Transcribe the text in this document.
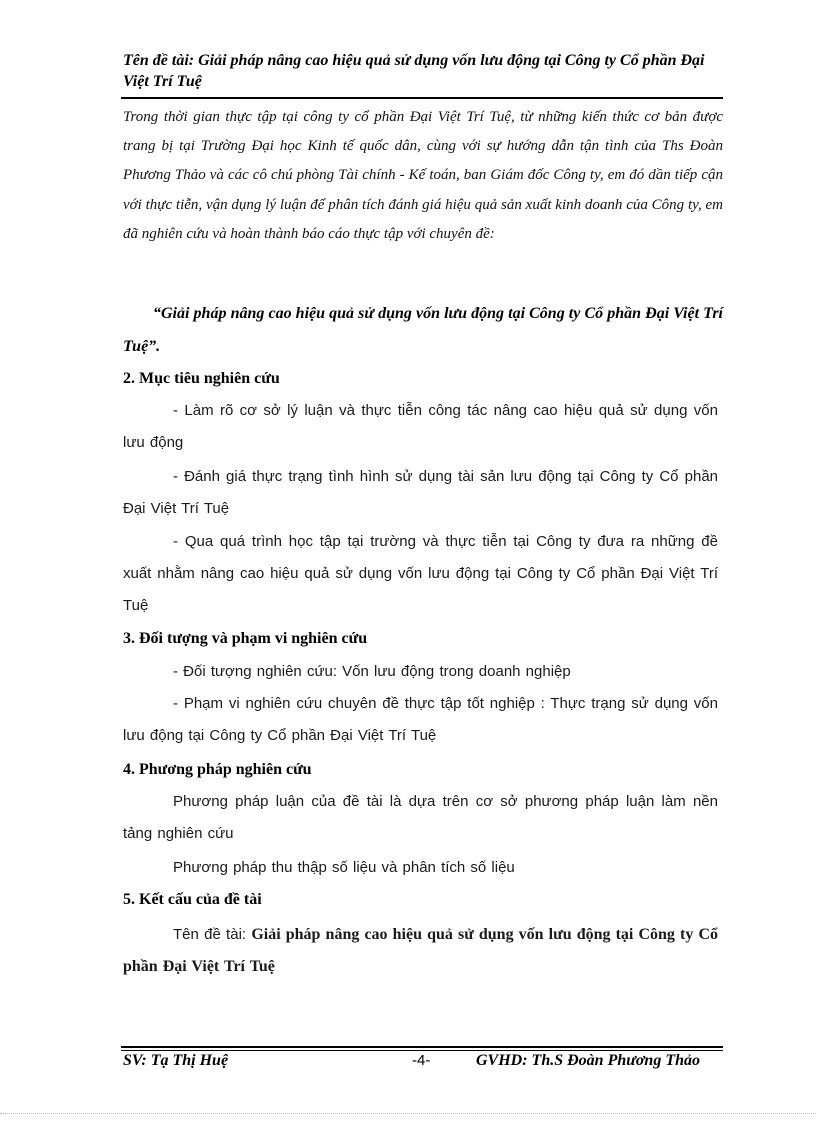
Tên đề tài: Giải pháp nâng cao hiệu quả sử dụng vốn lưu động tại Công ty Cổ phần Đại Việt Trí Tuệ
Trong thời gian thực tập tại công ty cổ phần Đại Việt Trí Tuệ, từ những kiến thức cơ bản được trang bị tại Trường Đại học Kinh tế quốc dân, cùng với sự hướng dẫn tận tình của Ths Đoàn Phương Thảo và các cô chú phòng Tài chính - Kế toán, ban Giám đốc Công ty, em đó dần tiếp cận với thực tiễn, vận dụng lý luận để phân tích đánh giá hiệu quả sản xuất kinh doanh của Công ty, em đã nghiên cứu và hoàn thành báo cáo thực tập với chuyên đề:
“Giải pháp nâng cao hiệu quả sử dụng vốn lưu động tại Công ty Cổ phần Đại Việt Trí Tuệ”.
2. Mục tiêu nghiên cứu
- Làm rõ cơ sở lý luận và thực tiễn công tác nâng cao hiệu quả sử dụng vốn lưu động
- Đánh giá thực trạng tình hình sử dụng tài sản lưu động tại Công ty Cổ phần Đại Việt Trí Tuệ
- Qua quá trình học tập tại trường và thực tiễn tại Công ty đưa ra những đề xuất nhằm nâng cao hiệu quả sử dụng vốn lưu động tại Công ty Cổ phần Đại Việt Trí Tuệ
3. Đối tượng và phạm vi nghiên cứu
- Đối tượng nghiên cứu: Vốn lưu động trong doanh nghiệp
- Phạm vi nghiên cứu chuyên đề thực tập tốt nghiệp : Thực trạng sử dụng vốn lưu động tại Công ty Cổ phần Đại Việt Trí Tuệ
4. Phương pháp nghiên cứu
Phương pháp luận của đề tài là dựa trên cơ sở phương pháp luận làm nền tảng nghiên cứu
Phương pháp thu thập số liệu và phân tích số liệu
5. Kết cấu của đề tài
Tên đề tài: Giải pháp nâng cao hiệu quả sử dụng vốn lưu động tại Công ty Cổ phần Đại Việt Trí Tuệ
SV: Tạ Thị Huệ	-4-	GVHD: Th.S Đoàn Phương Thảo
